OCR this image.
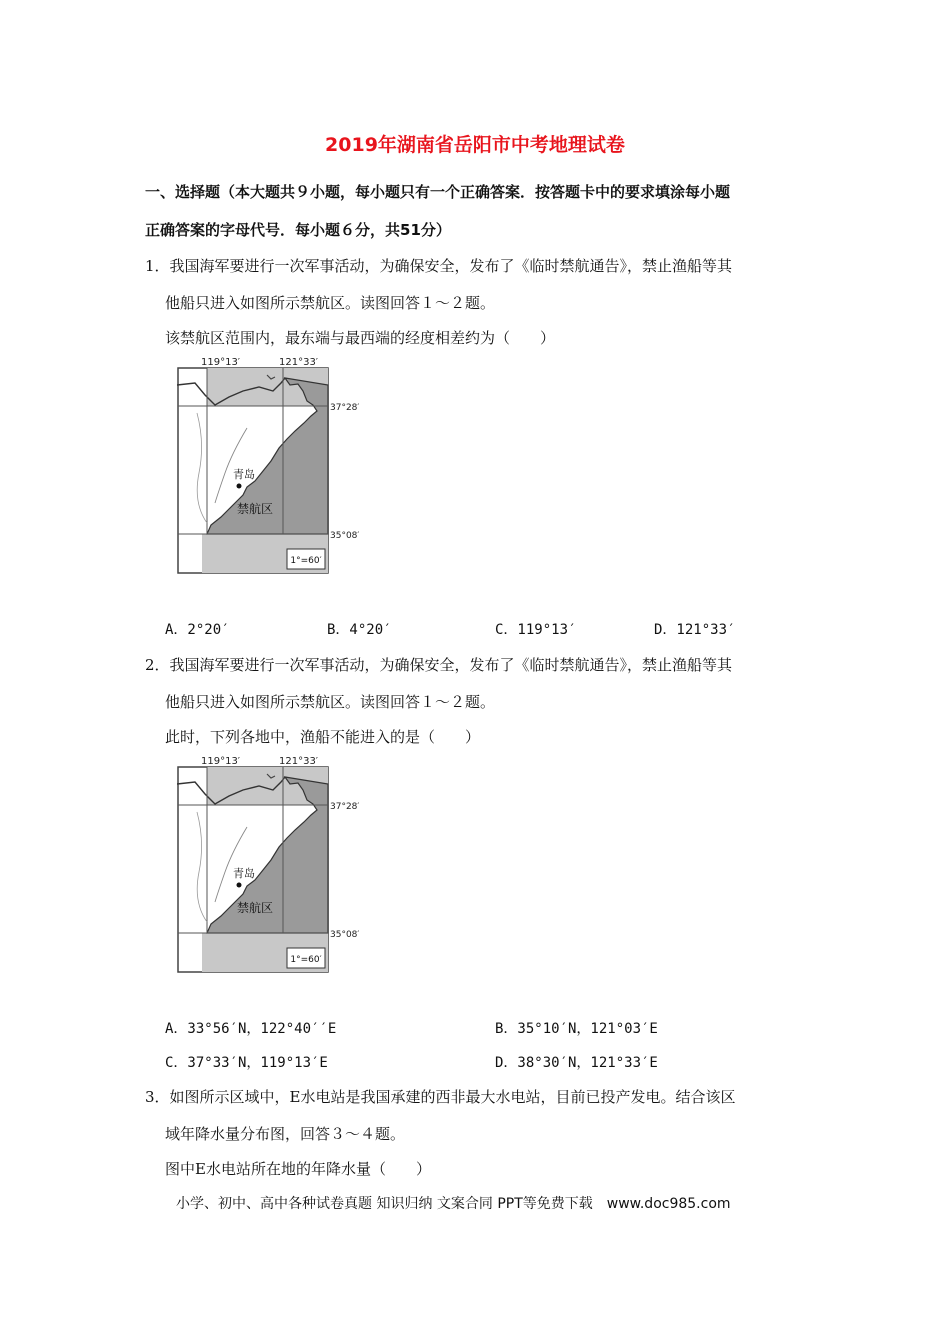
2019年湖南省岳阳市中考地理试卷
一、选择题（本大题共９小题，每小题只有一个正确答案．按答题卡中的要求填涂每小题
正确答案的字母代号．每小题６分，共51分）
1．我国海军要进行一次军事活动，为确保安全，发布了《临时禁航通告》，禁止渔船等其
他船只进入如图所示禁航区。读图回答１～２题。
该禁航区范围内，最东端与最西端的经度相差约为（　　）
1°=60′
119°13′	121°33′
37°28′
35°08′
青岛
禁航区
A．2°20′	B．4°20′	C．119°13′	D．121°33′
2．我国海军要进行一次军事活动，为确保安全，发布了《临时禁航通告》，禁止渔船等其
他船只进入如图所示禁航区。读图回答１～２题。
此时，下列各地中，渔船不能进入的是（　　）
1°=60′
119°13′	121°33′
37°28′
35°08′
青岛
禁航区
A．33°56′N，122°40′′E	B．35°10′N，121°03′E
C．37°33′N，119°13′E	D．38°30′N，121°33′E
3．如图所示区域中，E水电站是我国承建的西非最大水电站，目前已投产发电。结合该区
域年降水量分布图，回答３～４题。
图中E水电站所在地的年降水量（　　）
小学、初中、高中各种试卷真题 知识归纳 文案合同 PPT等免费下载　www.doc985.com
